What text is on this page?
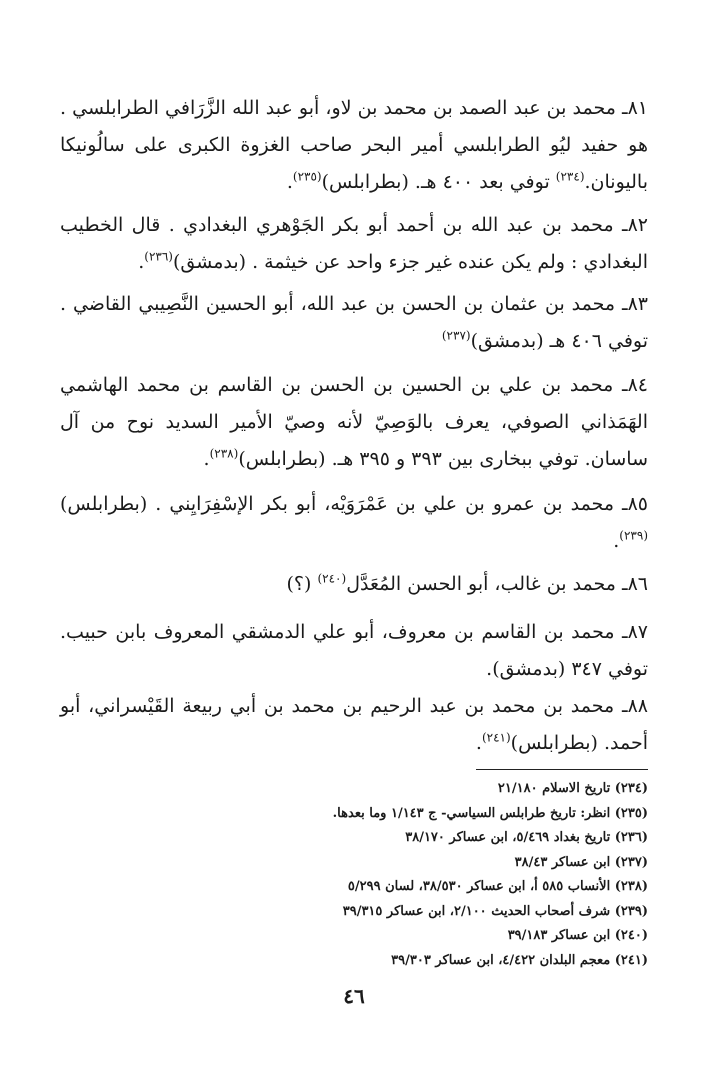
٨١ـ محمد بن عبد الصمد بن محمد بن لاو، أبو عبد الله الزَّرَافي الطرابلسي . هو حفيد ليُو الطرابلسي أمير البحر صاحب الغزوة الكبرى على سالُونيكا باليونان.$^{(٢٣٤)}$ توفي بعد ٤٠٠ هـ. (بطرابلس)$^{(٢٣٥)}$.

٨٢ـ محمد بن عبد الله بن أحمد أبو بكر الجَوْهري البغدادي . قال الخطيب البغدادي : ولم يكن عنده غير جزء واحد عن خيثمة . (بدمشق)$^{(٢٣٦)}$.

٨٣ـ محمد بن عثمان بن الحسن بن عبد الله، أبو الحسين النَّصِيبي القاضي . توفي ٤٠٦ هـ (بدمشق)$^{(٢٣٧)}$

٨٤ـ محمد بن علي بن الحسين بن الحسن بن القاسم بن محمد الهاشمي الهَمَذاني الصوفي، يعرف بالوَصِيّ لأنه وصيّ الأمير السديد نوح من آل ساسان. توفي ببخارى بين ٣٩٣ و ٣٩٥ هـ. (بطرابلس)$^{(٢٣٨)}$.

٨٥ـ محمد بن عمرو بن علي بن عَمْرَوَيْه، أبو بكر الإسْفِرَايِني . (بطرابلس)$^{(٢٣٩)}$.

٨٦ـ محمد بن غالب، أبو الحسن المُعَدَّل$^{(٢٤٠)}$ (؟)

٨٧ـ محمد بن القاسم بن معروف، أبو علي الدمشقي المعروف بابن حبيب. توفي ٣٤٧ (بدمشق).

٨٨ـ محمد بن محمد بن عبد الرحيم بن محمد بن أبي ربيعة القَيْسراني، أبو أحمد. (بطرابلس)$^{(٢٤١)}$.

(٢٣٤) تاريخ الاسلام ٢١/١٨٠
(٢٣٥) انظر: تاريخ طرابلس السياسي- ج ١/١٤٣ وما بعدها.
(٢٣٦) تاريخ بغداد ٥/٤٦٩، ابن عساكر ٣٨/١٧٠
(٢٣٧) ابن عساكر ٣٨/٤٣
(٢٣٨) الأنساب ٥٨٥ أ، ابن عساكر ٣٨/٥٣٠، لسان ٥/٢٩٩
(٢٣٩) شرف أصحاب الحديث ٢/١٠٠، ابن عساكر ٣٩/٣١٥
(٢٤٠) ابن عساكر ٣٩/١٨٣
(٢٤١) معجم البلدان ٤/٤٢٢، ابن عساكر ٣٩/٣٠٣
٤٦
